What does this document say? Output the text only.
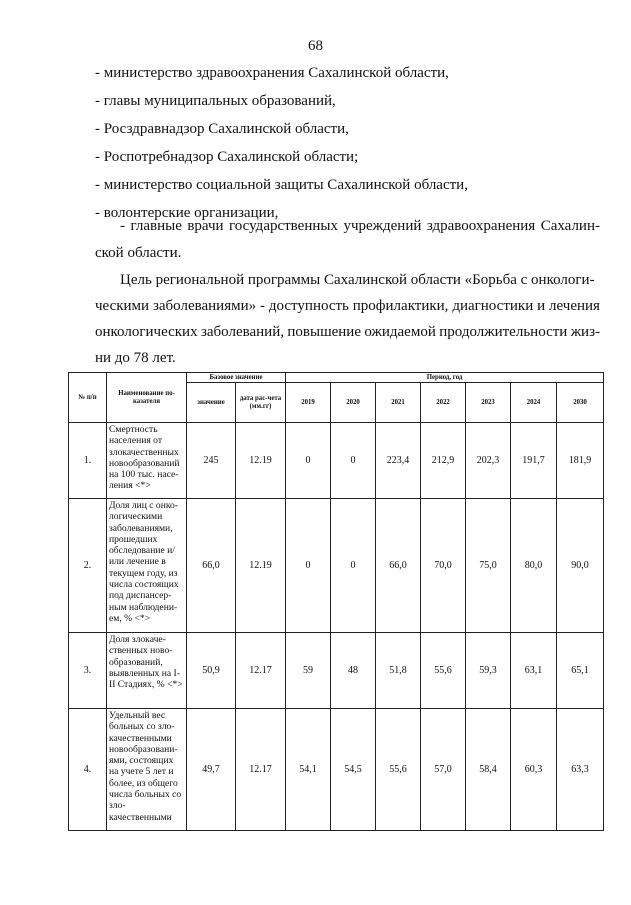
68
- министерство здравоохранения Сахалинской области,
- главы муниципальных образований,
- Росздравнадзор Сахалинской области,
- Роспотребнадзор Сахалинской области;
- министерство социальной защиты Сахалинской области,
- волонтерские организации,
- главные врачи государственных учреждений здравоохранения Сахалин-
ской области.
Цель региональной программы Сахалинской области «Борьба с онкологи-
ческими заболеваниями» - доступность профилактики, диагностики и лечения
онкологических заболеваний, повышение ожидаемой продолжительности жиз-
ни до 78 лет.
№ п/п	Наименование по-казателя	Базовое значение		Период, год						
		значение	дата рас-чета (мм.гг)	2019	2020	2021	2022	2023	2024	2030
1.	Смертность населения от злокачественных новообразований на 100 тыс. насе-ления <*>	245	12.19	0	0	223,4	212,9	202,3	191,7	181,9
2.	Доля лиц с онко-логическими заболеваниями, прошедших обследование и/или лечение в текущем году, из числа состоящих под диспансер-ным наблюдени-ем, % <*>	66,0	12.19	0	0	66,0	70,0	75,0	80,0	90,0
3.	Доля злокаче-ственных ново-образований, выявленных на I-II Стадиях, % <*>	50,9	12.17	59	48	51,8	55,6	59,3	63,1	65,1
4.	Удельный вес больных со зло-качественными новообразовани-ями, состоящих на учете 5 лет и более, из общего числа больных со зло-качественными	49,7	12.17	54,1	54,5	55,6	57,0	58,4	60,3	63,3
